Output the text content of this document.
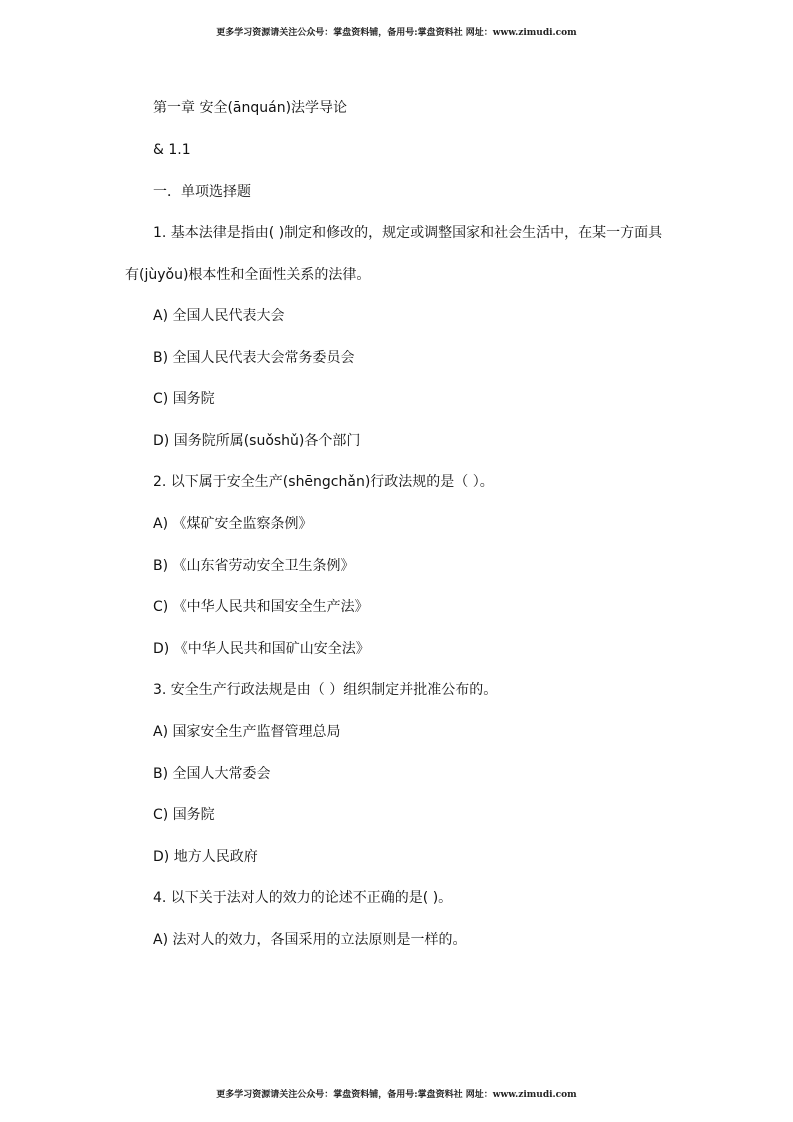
更多学习资源请关注公众号：掌盘资料铺，备用号:掌盘资料社 网址：www.zimudi.com
第一章 安全(ānquán)法学导论
& 1.1
一．单项选择题
1. 基本法律是指由( )制定和修改的，规定或调整国家和社会生活中，在某一方面具
有(jùyǒu)根本性和全面性关系的法律。
A) 全国人民代表大会
B) 全国人民代表大会常务委员会
C) 国务院
D) 国务院所属(suǒshǔ)各个部门
2. 以下属于安全生产(shēngchǎn)行政法规的是（ ）。
A) 《煤矿安全监察条例》
B) 《山东省劳动安全卫生条例》
C) 《中华人民共和国安全生产法》
D) 《中华人民共和国矿山安全法》
3. 安全生产行政法规是由（ ）组织制定并批准公布的。
A) 国家安全生产监督管理总局
B) 全国人大常委会
C) 国务院
D) 地方人民政府
4. 以下关于法对人的效力的论述不正确的是( )。
A) 法对人的效力，各国采用的立法原则是一样的。
更多学习资源请关注公众号：掌盘资料铺，备用号:掌盘资料社 网址：www.zimudi.com
